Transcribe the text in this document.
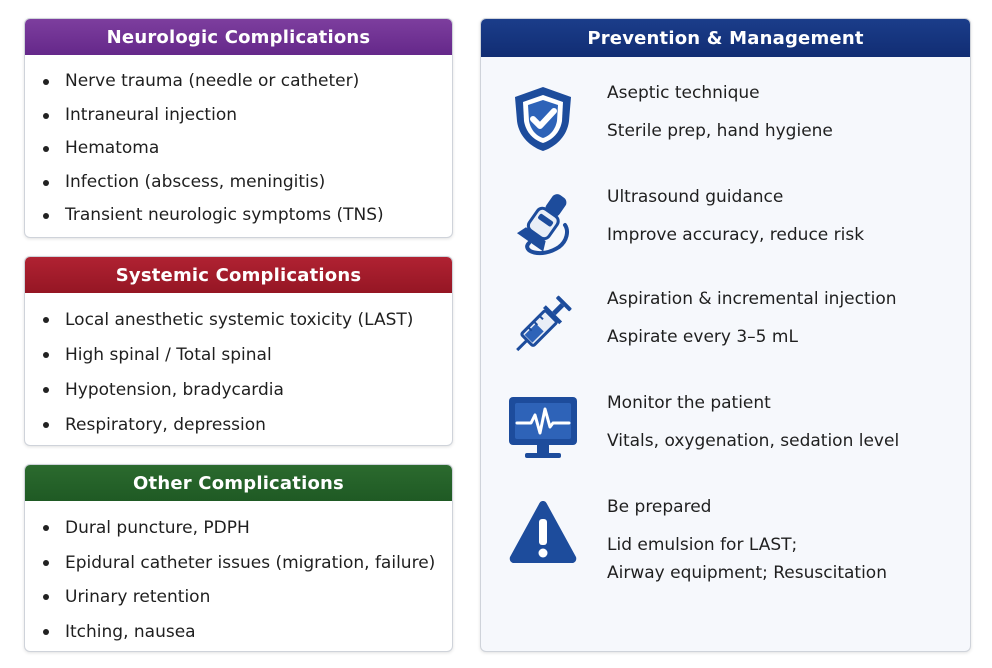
Neurologic Complications
Nerve trauma (needle or catheter)
Intraneural injection
Hematoma
Infection (abscess, meningitis)
Transient neurologic symptoms (TNS)
Systemic Complications
Local anesthetic systemic toxicity (LAST)
High spinal / Total spinal
Hypotension, bradycardia
Respiratory, depression
Other Complications
Dural puncture, PDPH
Epidural catheter issues (migration, failure)
Urinary retention
Itching, nausea
Prevention & Management
Aseptic technique
Sterile prep, hand hygiene
Ultrasound guidance
Improve accuracy, reduce risk
Aspiration & incremental injection
Aspirate every 3–5 mL
Monitor the patient
Vitals, oxygenation, sedation level
Be prepared
Lid emulsion for LAST;
Airway equipment; Resuscitation
